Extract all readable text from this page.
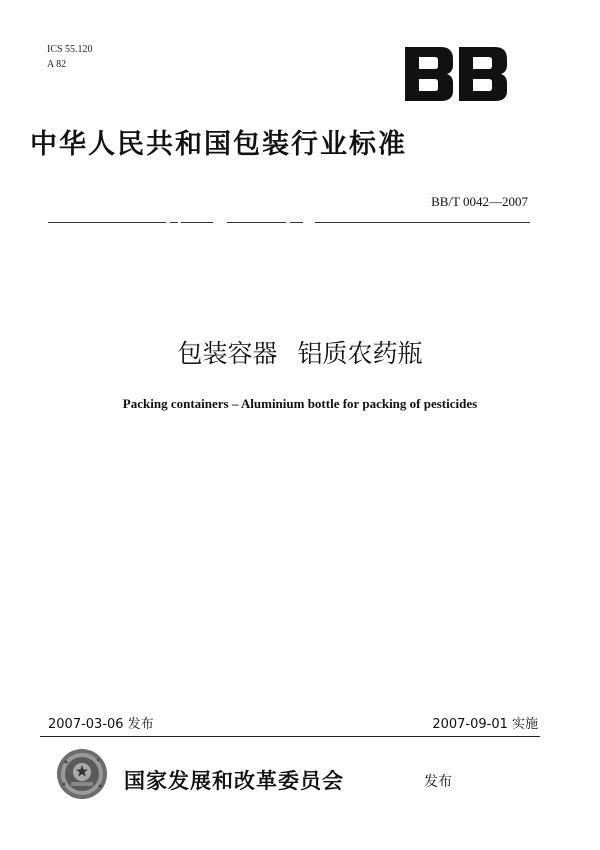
ICS 55.120
A 82
中华人民共和国包装行业标准
BB/T 0042—2007
包装容器 铝质农药瓶
Packing containers – Aluminium bottle for packing of pesticides
2007-03-06 发布	2007-09-01 实施
国家发展和改革委员会	发布
